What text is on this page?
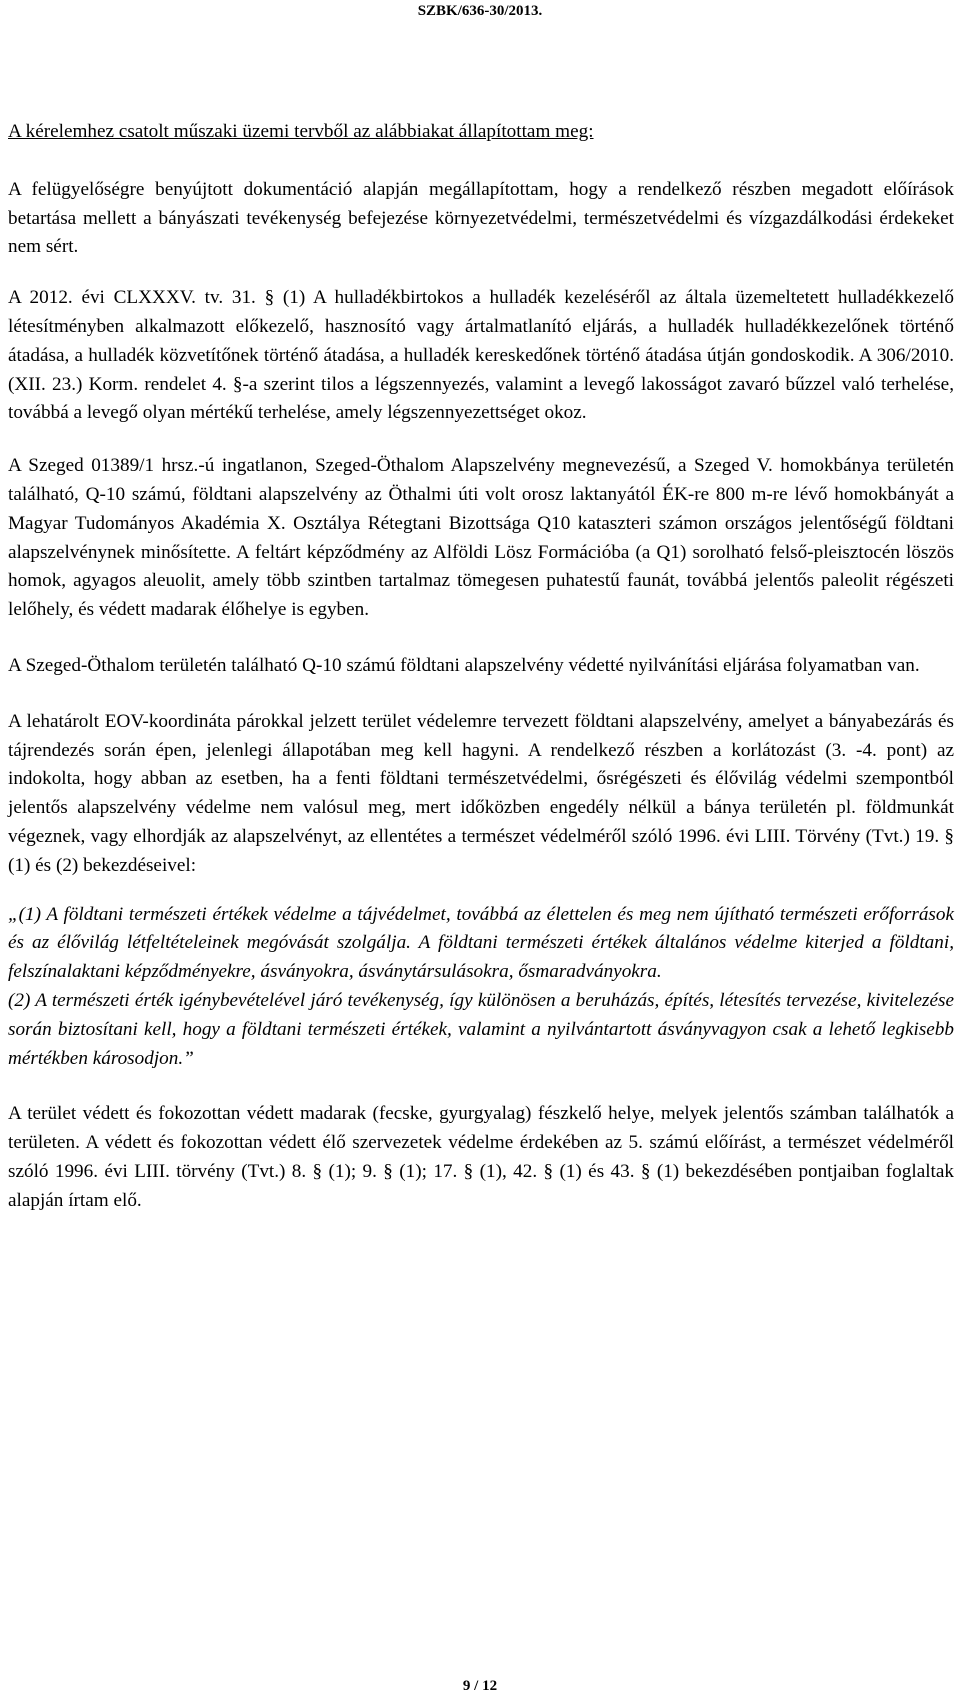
SZBK/636-30/2013.

A kérelemhez csatolt műszaki üzemi tervből az alábbiakat állapítottam meg:

A felügyelőségre benyújtott dokumentáció alapján megállapítottam, hogy a rendelkező részben megadott előírások betartása mellett a bányászati tevékenység befejezése környezetvédelmi, természetvédelmi és vízgazdálkodási érdekeket nem sért.

A 2012. évi CLXXXV. tv. 31. § (1) A hulladékbirtokos a hulladék kezeléséről az általa üzemeltetett hulladékkezelő létesítményben alkalmazott előkezelő, hasznosító vagy ártalmatlanító eljárás, a hulladék hulladékkezelőnek történő átadása, a hulladék közvetítőnek történő átadása, a hulladék kereskedőnek történő átadása útján gondoskodik. A 306/2010. (XII. 23.) Korm. rendelet 4. §-a szerint tilos a légszennyezés, valamint a levegő lakosságot zavaró bűzzel való terhelése, továbbá a levegő olyan mértékű terhelése, amely légszennyezettséget okoz.

A Szeged 01389/1 hrsz.-ú ingatlanon, Szeged-Öthalom Alapszelvény megnevezésű, a Szeged V. homokbánya területén található, Q-10 számú, földtani alapszelvény az Öthalmi úti volt orosz laktanyától ÉK-re 800 m-re lévő homokbányát a Magyar Tudományos Akadémia X. Osztálya Rétegtani Bizottsága Q10 kataszteri számon országos jelentőségű földtani alapszelvénynek minősítette. A feltárt képződmény az Alföldi Lösz Formációba (a Q1) sorolható felső-pleisztocén löszös homok, agyagos aleuolit, amely több szintben tartalmaz tömegesen puhatestű faunát, továbbá jelentős paleolit régészeti lelőhely, és védett madarak élőhelye is egyben.

A Szeged-Öthalom területén található Q-10 számú földtani alapszelvény védetté nyilvánítási eljárása folyamatban van.

A lehatárolt EOV-koordináta párokkal jelzett terület védelemre tervezett földtani alapszelvény, amelyet a bányabezárás és tájrendezés során épen, jelenlegi állapotában meg kell hagyni. A rendelkező részben a korlátozást (3. -4. pont) az indokolta, hogy abban az esetben, ha a fenti földtani természetvédelmi, ősrégészeti és élővilág védelmi szempontból jelentős alapszelvény védelme nem valósul meg, mert időközben engedély nélkül a bánya területén pl. földmunkát végeznek, vagy elhordják az alapszelvényt, az ellentétes a természet védelméről szóló 1996. évi LIII. Törvény (Tvt.) 19. § (1) és (2) bekezdéseivel:

„(1) A földtani természeti értékek védelme a tájvédelmet, továbbá az élettelen és meg nem újítható természeti erőforrások és az élővilág létfeltételeinek megóvását szolgálja. A földtani természeti értékek általános védelme kiterjed a földtani, felszínalaktani képződményekre, ásványokra, ásványtársulásokra, ősmaradványokra.

(2) A természeti érték igénybevételével járó tevékenység, így különösen a beruházás, építés, létesítés tervezése, kivitelezése során biztosítani kell, hogy a földtani természeti értékek, valamint a nyilvántartott ásványvagyon csak a lehető legkisebb mértékben károsodjon.”

A terület védett és fokozottan védett madarak (fecske, gyurgyalag) fészkelő helye, melyek jelentős számban találhatók a területen. A védett és fokozottan védett élő szervezetek védelme érdekében az 5. számú előírást, a természet védelméről szóló 1996. évi LIII. törvény (Tvt.) 8. § (1); 9. § (1); 17. § (1), 42. § (1) és 43. § (1) bekezdésében pontjaiban foglaltak alapján írtam elő.

9 / 12
